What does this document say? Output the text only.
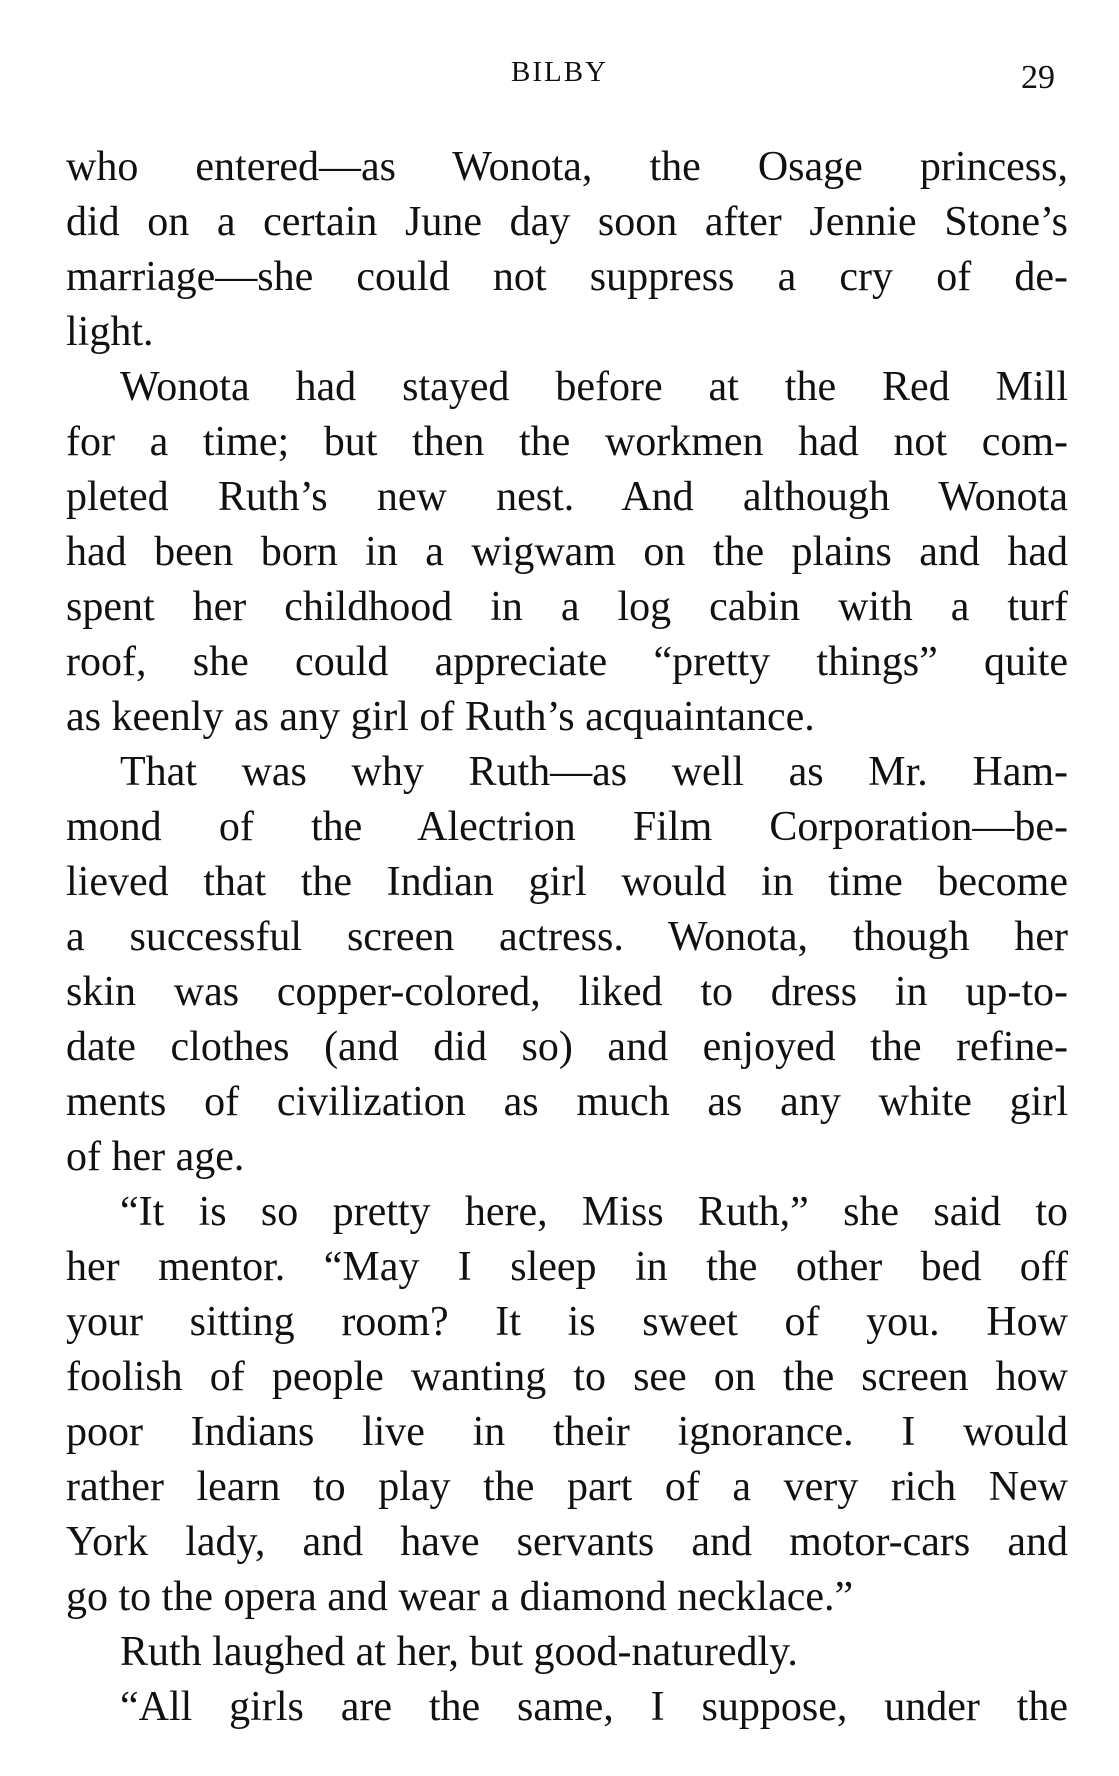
BILBY	29
who entered—as Wonota, the Osage princess,
did on a certain June day soon after Jennie Stone’s
marriage—she could not suppress a cry of de-
light.
Wonota had stayed before at the Red Mill
for a time; but then the workmen had not com-
pleted Ruth’s new nest. And although Wonota
had been born in a wigwam on the plains and had
spent her childhood in a log cabin with a turf
roof, she could appreciate “pretty things” quite
as keenly as any girl of Ruth’s acquaintance.
That was why Ruth—as well as Mr. Ham-
mond of the Alectrion Film Corporation—be-
lieved that the Indian girl would in time become
a successful screen actress. Wonota, though her
skin was copper-colored, liked to dress in up-to-
date clothes (and did so) and enjoyed the refine-
ments of civilization as much as any white girl
of her age.
“It is so pretty here, Miss Ruth,” she said to
her mentor. “May I sleep in the other bed off
your sitting room? It is sweet of you. How
foolish of people wanting to see on the screen how
poor Indians live in their ignorance. I would
rather learn to play the part of a very rich New
York lady, and have servants and motor-cars and
go to the opera and wear a diamond necklace.”
Ruth laughed at her, but good-naturedly.
“All girls are the same, I suppose, under the
